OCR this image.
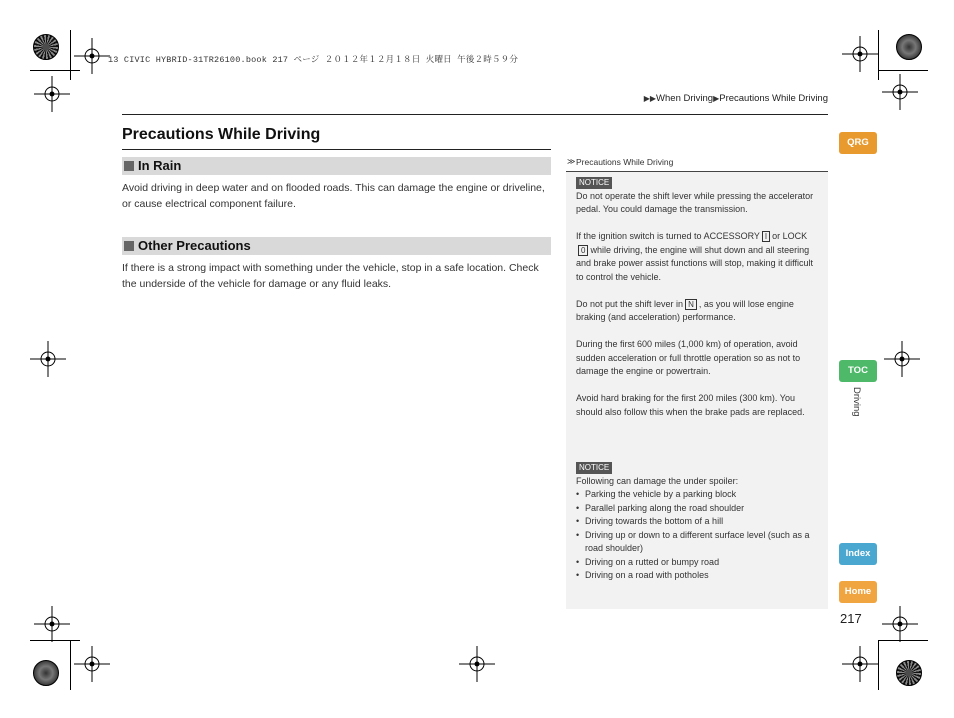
13 CIVIC HYBRID-31TR26100.book 217 ページ ２０１２年１２月１８日 火曜日 午後２時５９分
▶▶When Driving▶Precautions While Driving
Precautions While Driving
In Rain
Avoid driving in deep water and on flooded roads. This can damage the engine or driveline, or cause electrical component failure.
Other Precautions
If there is a strong impact with something under the vehicle, stop in a safe location. Check the underside of the vehicle for damage or any fluid leaks.
≫ Precautions While Driving
NOTICE

Do not operate the shift lever while pressing the accelerator pedal. You could damage the transmission.

If the ignition switch is turned to ACCESSORY I or LOCK0 while driving, the engine will shut down and all steering and brake power assist functions will stop, making it difficult to control the vehicle.

Do not put the shift lever in N , as you will lose engine braking (and acceleration) performance.

During the first 600 miles (1,000 km) of operation, avoid sudden acceleration or full throttle operation so as not to damage the engine or powertrain.

Avoid hard braking for the first 200 miles (300 km). You should also follow this when the brake pads are replaced.

NOTICE

Following can damage the under spoiler:

• Parking the vehicle by a parking block
• Parallel parking along the road shoulder
• Driving towards the bottom of a hill
• Driving up or down to a different surface level (such as a road shoulder)
• Driving on a rutted or bumpy road
• Driving on a road with potholes
QRG
TOC
Driving
Index
Home
217
